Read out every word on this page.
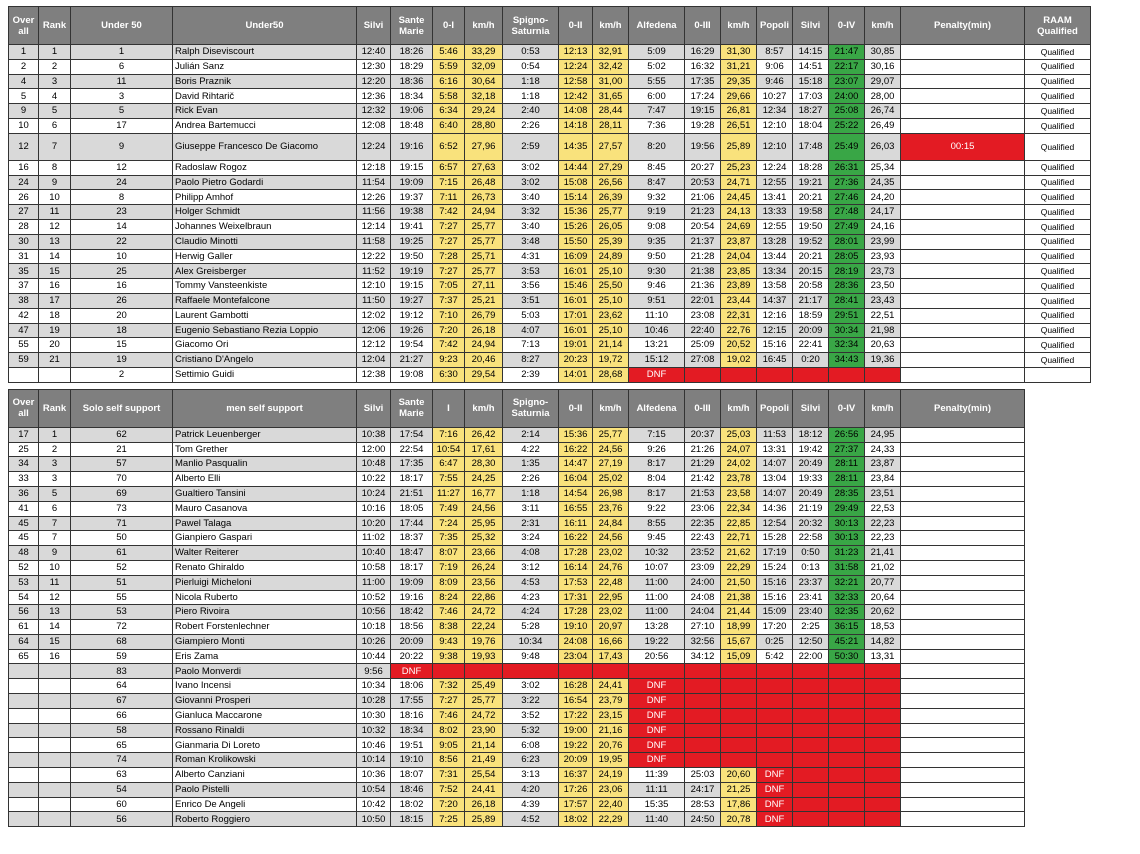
Over all	Rank	Under 50	Under50	Silvi	Sante Marie	0-I	km/h	Spigno-Saturnia	0-II	km/h	Alfedena	0-III	km/h	Popoli	Silvi	0-IV	km/h	Penalty(min)	RAAM Qualified
1	1	1	Ralph Diseviscourt	12:40	18:26	5:46	33,29	0:53	12:13	32,91	5:09	16:29	31,30	8:57	14:15	21:47	30,85		Qualified
2	2	6	Julián Sanz	12:30	18:29	5:59	32,09	0:54	12:24	32,42	5:02	16:32	31,21	9:06	14:51	22:17	30,16		Qualified
4	3	11	Boris Praznik	12:20	18:36	6:16	30,64	1:18	12:58	31,00	5:55	17:35	29,35	9:46	15:18	23:07	29,07		Qualified
5	4	3	David Rihtarič	12:36	18:34	5:58	32,18	1:18	12:42	31,65	6:00	17:24	29,66	10:27	17:03	24:00	28,00		Qualified
9	5	5	Rick Evan	12:32	19:06	6:34	29,24	2:40	14:08	28,44	7:47	19:15	26,81	12:34	18:27	25:08	26,74		Qualified
10	6	17	Andrea Bartemucci	12:08	18:48	6:40	28,80	2:26	14:18	28,11	7:36	19:28	26,51	12:10	18:04	25:22	26,49		Qualified
12	7	9	Giuseppe Francesco De Giacomo	12:24	19:16	6:52	27,96	2:59	14:35	27,57	8:20	19:56	25,89	12:10	17:48	25:49	26,03	00:15	Qualified
16	8	12	Radoslaw Rogoz	12:18	19:15	6:57	27,63	3:02	14:44	27,29	8:45	20:27	25,23	12:24	18:28	26:31	25,34		Qualified
24	9	24	Paolo Pietro Godardi	11:54	19:09	7:15	26,48	3:02	15:08	26,56	8:47	20:53	24,71	12:55	19:21	27:36	24,35		Qualified
26	10	8	Philipp Amhof	12:26	19:37	7:11	26,73	3:40	15:14	26,39	9:32	21:06	24,45	13:41	20:21	27:46	24,20		Qualified
27	11	23	Holger Schmidt	11:56	19:38	7:42	24,94	3:32	15:36	25,77	9:19	21:23	24,13	13:33	19:58	27:48	24,17		Qualified
28	12	14	Johannes Weixelbraun	12:14	19:41	7:27	25,77	3:40	15:26	26,05	9:08	20:54	24,69	12:55	19:50	27:49	24,16		Qualified
30	13	22	Claudio Minotti	11:58	19:25	7:27	25,77	3:48	15:50	25,39	9:35	21:37	23,87	13:28	19:52	28:01	23,99		Qualified
31	14	10	Herwig Galler	12:22	19:50	7:28	25,71	4:31	16:09	24,89	9:50	21:28	24,04	13:44	20:21	28:05	23,93		Qualified
35	15	25	Alex Greisberger	11:52	19:19	7:27	25,77	3:53	16:01	25,10	9:30	21:38	23,85	13:34	20:15	28:19	23,73		Qualified
37	16	16	Tommy Vansteenkiste	12:10	19:15	7:05	27,11	3:56	15:46	25,50	9:46	21:36	23,89	13:58	20:58	28:36	23,50		Qualified
38	17	26	Raffaele Montefalcone	11:50	19:27	7:37	25,21	3:51	16:01	25,10	9:51	22:01	23,44	14:37	21:17	28:41	23,43		Qualified
42	18	20	Laurent Gambotti	12:02	19:12	7:10	26,79	5:03	17:01	23,62	11:10	23:08	22,31	12:16	18:59	29:51	22,51		Qualified
47	19	18	Eugenio Sebastiano Rezia Loppio	12:06	19:26	7:20	26,18	4:07	16:01	25,10	10:46	22:40	22,76	12:15	20:09	30:34	21,98		Qualified
55	20	15	Giacomo Ori	12:12	19:54	7:42	24,94	7:13	19:01	21,14	13:21	25:09	20,52	15:16	22:41	32:34	20,63		Qualified
59	21	19	Cristiano D'Angelo	12:04	21:27	9:23	20,46	8:27	20:23	19,72	15:12	27:08	19,02	16:45	0:20	34:43	19,36		Qualified
		2	Settimio Guidi	12:38	19:08	6:30	29,54	2:39	14:01	28,68	DNF								
Over all	Rank	Solo self support	men self support	Silvi	Sante Marie	I	km/h	Spigno-Saturnia	0-II	km/h	Alfedena	0-III	km/h	Popoli	Silvi	0-IV	km/h	Penalty(min)
17	1	62	Patrick Leuenberger	10:38	17:54	7:16	26,42	2:14	15:36	25,77	7:15	20:37	25,03	11:53	18:12	26:56	24,95	
25	2	21	Tom Grether	12:00	22:54	10:54	17,61	4:22	16:22	24,56	9:26	21:26	24,07	13:31	19:42	27:37	24,33	
34	3	57	Manlio Pasqualin	10:48	17:35	6:47	28,30	1:35	14:47	27,19	8:17	21:29	24,02	14:07	20:49	28:11	23,87	
33	3	70	Alberto Elli	10:22	18:17	7:55	24,25	2:26	16:04	25,02	8:04	21:42	23,78	13:04	19:33	28:11	23,84	
36	5	69	Gualtiero Tansini	10:24	21:51	11:27	16,77	1:18	14:54	26,98	8:17	21:53	23,58	14:07	20:49	28:35	23,51	
41	6	73	Mauro Casanova	10:16	18:05	7:49	24,56	3:11	16:55	23,76	9:22	23:06	22,34	14:36	21:19	29:49	22,53	
45	7	71	Pawel Talaga	10:20	17:44	7:24	25,95	2:31	16:11	24,84	8:55	22:35	22,85	12:54	20:32	30:13	22,23	
45	7	50	Gianpiero Gaspari	11:02	18:37	7:35	25,32	3:24	16:22	24,56	9:45	22:43	22,71	15:28	22:58	30:13	22,23	
48	9	61	Walter Reiterer	10:40	18:47	8:07	23,66	4:08	17:28	23,02	10:32	23:52	21,62	17:19	0:50	31:23	21,41	
52	10	52	Renato Ghiraldo	10:58	18:17	7:19	26,24	3:12	16:14	24,76	10:07	23:09	22,29	15:24	0:13	31:58	21,02	
53	11	51	Pierluigi Micheloni	11:00	19:09	8:09	23,56	4:53	17:53	22,48	11:00	24:00	21,50	15:16	23:37	32:21	20,77	
54	12	55	Nicola Ruberto	10:52	19:16	8:24	22,86	4:23	17:31	22,95	11:00	24:08	21,38	15:16	23:41	32:33	20,64	
56	13	53	Piero Rivoira	10:56	18:42	7:46	24,72	4:24	17:28	23,02	11:00	24:04	21,44	15:09	23:40	32:35	20,62	
61	14	72	Robert Forstenlechner	10:18	18:56	8:38	22,24	5:28	19:10	20,97	13:28	27:10	18,99	17:20	2:25	36:15	18,53	
64	15	68	Giampiero Monti	10:26	20:09	9:43	19,76	10:34	24:08	16,66	19:22	32:56	15,67	0:25	12:50	45:21	14,82	
65	16	59	Eris Zama	10:44	20:22	9:38	19,93	9:48	23:04	17,43	20:56	34:12	15,09	5:42	22:00	50:30	13,31	
		83	Paolo Monverdi	9:56	DNF													
		64	Ivano Incensi	10:34	18:06	7:32	25,49	3:02	16:28	24,41	DNF							
		67	Giovanni Prosperi	10:28	17:55	7:27	25,77	3:22	16:54	23,79	DNF							
		66	Gianluca Maccarone	10:30	18:16	7:46	24,72	3:52	17:22	23,15	DNF							
		58	Rossano Rinaldi	10:32	18:34	8:02	23,90	5:32	19:00	21,16	DNF							
		65	Gianmaria Di Loreto	10:46	19:51	9:05	21,14	6:08	19:22	20,76	DNF							
		74	Roman Krolikowski	10:14	19:10	8:56	21,49	6:23	20:09	19,95	DNF							
		63	Alberto Canziani	10:36	18:07	7:31	25,54	3:13	16:37	24,19	11:39	25:03	20,60	DNF				
		54	Paolo Pistelli	10:54	18:46	7:52	24,41	4:20	17:26	23,06	11:11	24:17	21,25	DNF				
		60	Enrico De Angeli	10:42	18:02	7:20	26,18	4:39	17:57	22,40	15:35	28:53	17,86	DNF				
		56	Roberto Roggiero	10:50	18:15	7:25	25,89	4:52	18:02	22,29	11:40	24:50	20,78	DNF				
